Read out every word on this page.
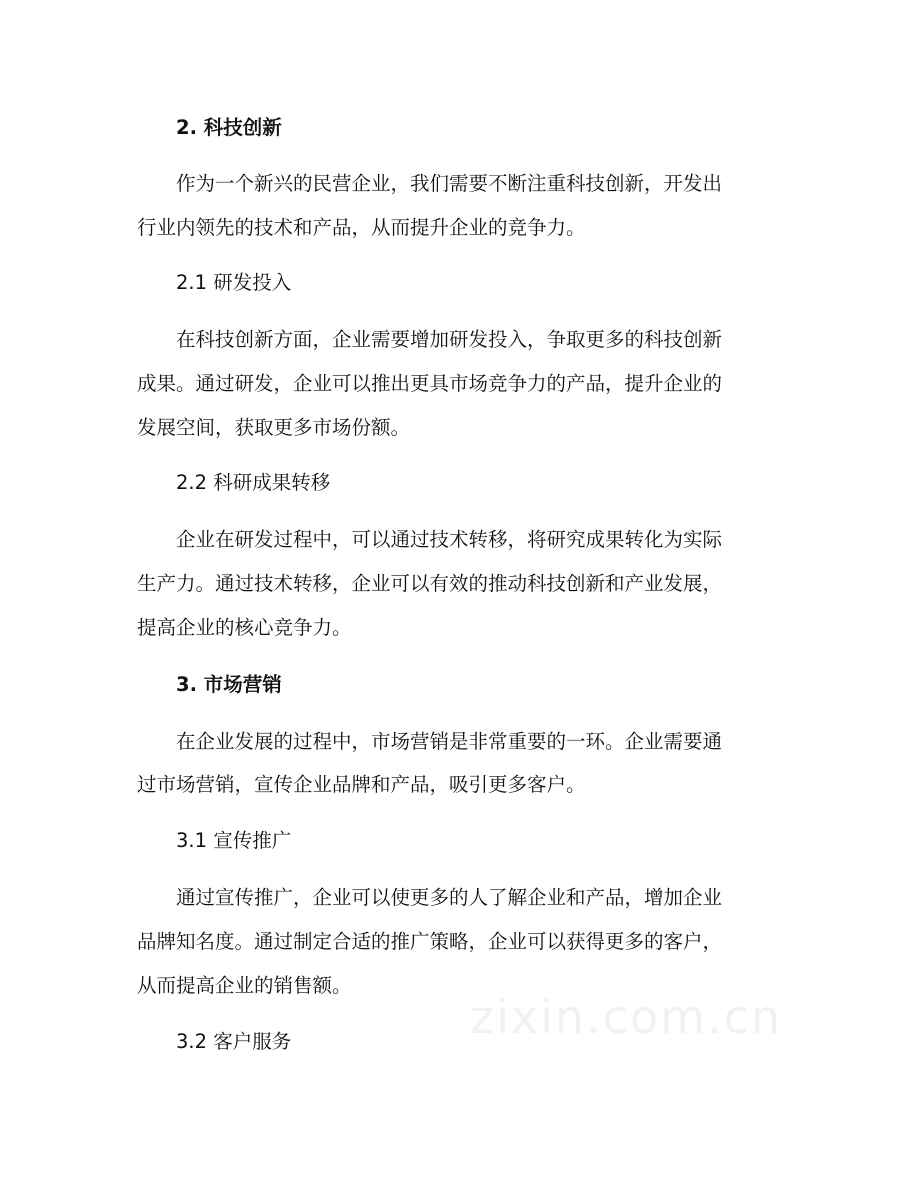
2. 科技创新
作为一个新兴的民营企业，我们需要不断注重科技创新，开发出
行业内领先的技术和产品，从而提升企业的竞争力。
2.1 研发投入
在科技创新方面，企业需要增加研发投入，争取更多的科技创新
成果。通过研发，企业可以推出更具市场竞争力的产品，提升企业的
发展空间，获取更多市场份额。
2.2 科研成果转移
企业在研发过程中，可以通过技术转移，将研究成果转化为实际
生产力。通过技术转移，企业可以有效的推动科技创新和产业发展，
提高企业的核心竞争力。
3. 市场营销
在企业发展的过程中，市场营销是非常重要的一环。企业需要通
过市场营销，宣传企业品牌和产品，吸引更多客户。
3.1 宣传推广
通过宣传推广，企业可以使更多的人了解企业和产品，增加企业
品牌知名度。通过制定合适的推广策略，企业可以获得更多的客户，
从而提高企业的销售额。
3.2 客户服务	zixin.com.cn
